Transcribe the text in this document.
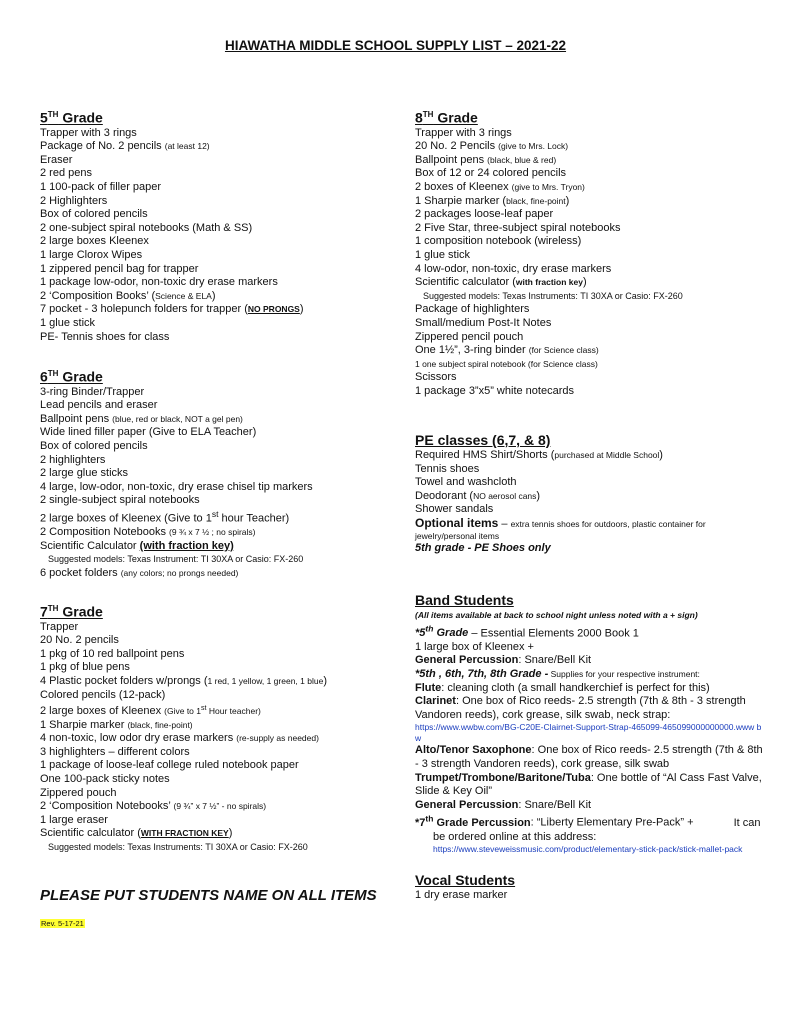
HIAWATHA MIDDLE SCHOOL SUPPLY LIST – 2021-22
5TH Grade
Trapper with 3 rings
Package of No. 2 pencils (at least 12)
Eraser
2 red pens
1 100-pack of filler paper
2 Highlighters
Box of colored pencils
2 one-subject spiral notebooks (Math & SS)
2 large boxes Kleenex
1 large Clorox Wipes
1 zippered pencil bag for trapper
1 package low-odor, non-toxic dry erase markers
2 ‘Composition Books’ (Science & ELA)
7 pocket - 3 holepunch folders for trapper (NO PRONGS)
1 glue stick
PE- Tennis shoes for class
6TH Grade
3-ring Binder/Trapper
Lead pencils and eraser
Ballpoint pens (blue, red or black, NOT a gel pen)
Wide lined filler paper (Give to ELA Teacher)
Box of colored pencils
2 highlighters
2 large glue sticks
4 large, low-odor, non-toxic, dry erase chisel tip markers
2 single-subject spiral notebooks
2 large boxes of Kleenex (Give to 1st hour Teacher)
2 Composition Notebooks (9 ¾ x 7 ½ ; no spirals)
Scientific Calculator (with fraction key)
Suggested models: Texas Instrument: TI 30XA or Casio: FX-260
6 pocket folders (any colors; no prongs needed)
7TH Grade
Trapper
20 No. 2 pencils
1 pkg of 10 red ballpoint pens
1 pkg of blue pens
4 Plastic pocket folders w/prongs (1 red, 1 yellow, 1 green, 1 blue)
Colored pencils (12-pack)
2 large boxes of Kleenex (Give to 1st Hour teacher)
1 Sharpie marker (black, fine-point)
4 non-toxic, low odor dry erase markers (re-supply as needed)
3 highlighters – different colors
1 package of loose-leaf college ruled notebook paper
One 100-pack sticky notes
Zippered pouch
2 ‘Composition Notebooks’ (9 ¾” x 7 ½” - no spirals)
1 large eraser
Scientific calculator (WITH FRACTION KEY)
Suggested models: Texas Instruments: TI 30XA or Casio: FX-260
PLEASE PUT STUDENTS NAME ON ALL ITEMS
Rev. 5-17-21
8TH Grade
Trapper with 3 rings
20 No. 2 Pencils (give to Mrs. Lock)
Ballpoint pens (black, blue & red)
Box of 12 or 24 colored pencils
2 boxes of Kleenex (give to Mrs. Tryon)
1 Sharpie marker (black, fine-point)
2 packages loose-leaf paper
2 Five Star, three-subject spiral notebooks
1 composition notebook (wireless)
1 glue stick
4 low-odor, non-toxic, dry erase markers
Scientific calculator (with fraction key)
Suggested models: Texas Instruments: TI 30XA or Casio: FX-260
Package of highlighters
Small/medium Post-It Notes
Zippered pencil pouch
One 1½”, 3-ring binder (for Science class)
1 one subject spiral notebook (for Science class)
Scissors
1 package 3”x5” white notecards
PE classes (6,7, & 8)
Required HMS Shirt/Shorts (purchased at Middle School)
Tennis shoes
Towel and washcloth
Deodorant (NO aerosol cans)
Shower sandals
Optional items – extra tennis shoes for outdoors, plastic container for jewelry/personal items
5th grade - PE Shoes only
Band Students
(All items available at back to school night unless noted with a + sign)
*5th Grade – Essential Elements 2000 Book 1
1 large box of Kleenex +
General Percussion: Snare/Bell Kit
*5th , 6th, 7th, 8th Grade - Supplies for your respective instrument:
Flute: cleaning cloth (a small handkerchief is perfect for this)
Clarinet: One box of Rico reeds- 2.5 strength (7th & 8th - 3 strength Vandoren reeds), cork grease, silk swab, neck strap:
https://www.wwbw.com/BG-C20E-Clairnet-Support-Strap-465099-465099000000000.www bw
Alto/Tenor Saxophone: One box of Rico reeds- 2.5 strength (7th & 8th - 3 strength Vandoren reeds), cork grease, silk swab
Trumpet/Trombone/Baritone/Tuba: One bottle of “Al Cass Fast Valve, Slide & Key Oil”
General Percussion: Snare/Bell Kit
*7th Grade Percussion: “Liberty Elementary Pre-Pack” +	It can
be ordered online at this address:
https://www.steveweissmusic.com/product/elementary-stick-pack/stick-mallet-pack
Vocal Students
1 dry erase marker
